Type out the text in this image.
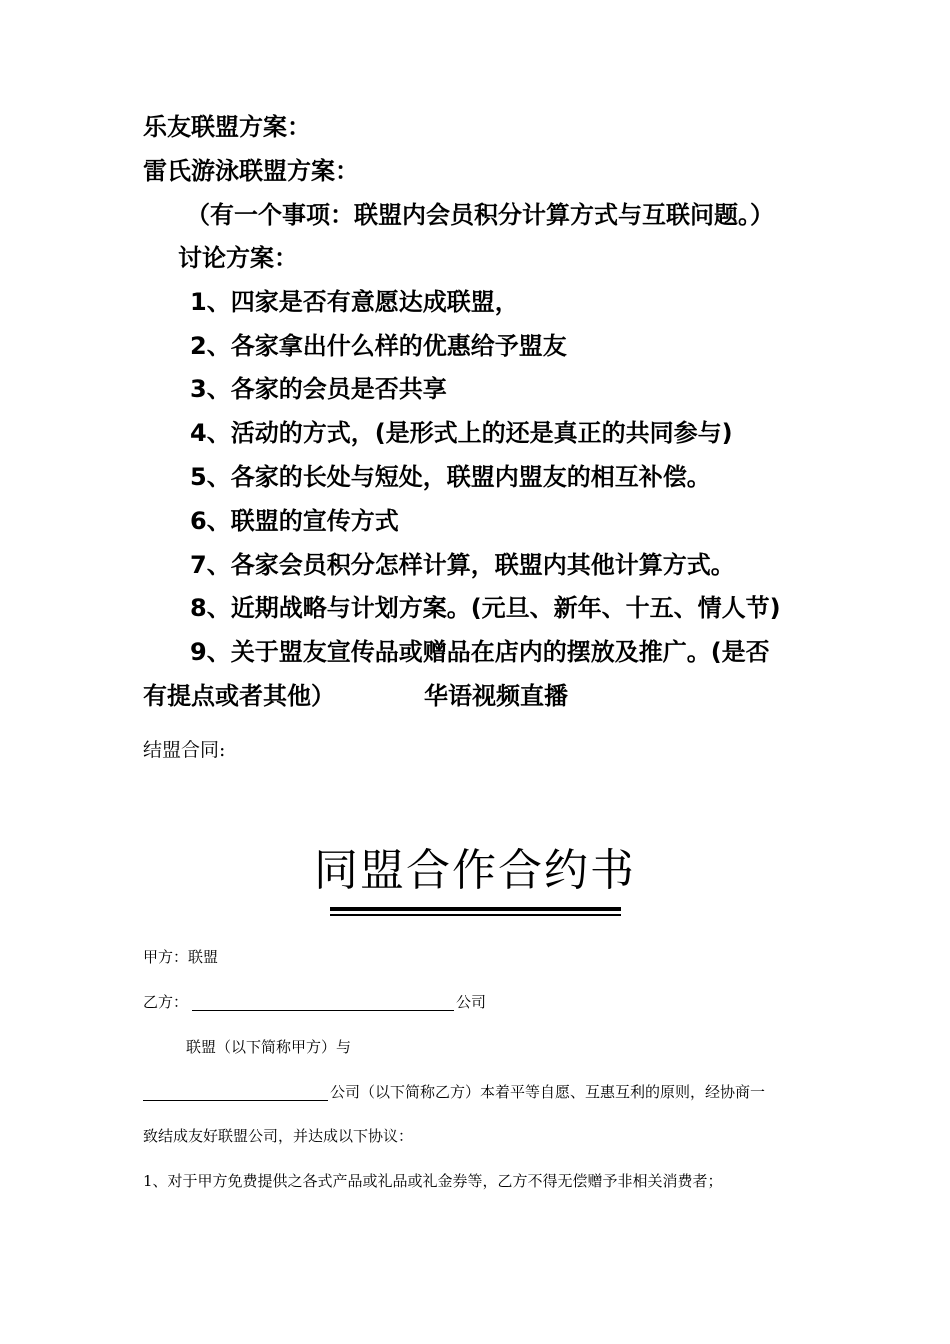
乐友联盟方案：
雷氏游泳联盟方案：
（有一个事项：联盟内会员积分计算方式与互联问题。）
讨论方案：
1、四家是否有意愿达成联盟，
2、各家拿出什么样的优惠给予盟友
3、各家的会员是否共享
4、活动的方式，(是形式上的还是真正的共同参与)
5、各家的长处与短处，联盟内盟友的相互补偿。
6、联盟的宣传方式
7、各家会员积分怎样计算，联盟内其他计算方式。
8、近期战略与计划方案。(元旦、新年、十五、情人节)
9、关于盟友宣传品或赠品在店内的摆放及推广。(是否
有提点或者其他）	华语视频直播
结盟合同:
同盟合作合约书
甲方：联盟
乙方：	公司
联盟（以下简称甲方）与
公司（以下简称乙方）本着平等自愿、互惠互利的原则，经协商一
致结成友好联盟公司，并达成以下协议：
1、对于甲方免费提供之各式产品或礼品或礼金券等，乙方不得无偿赠予非相关消费者；
